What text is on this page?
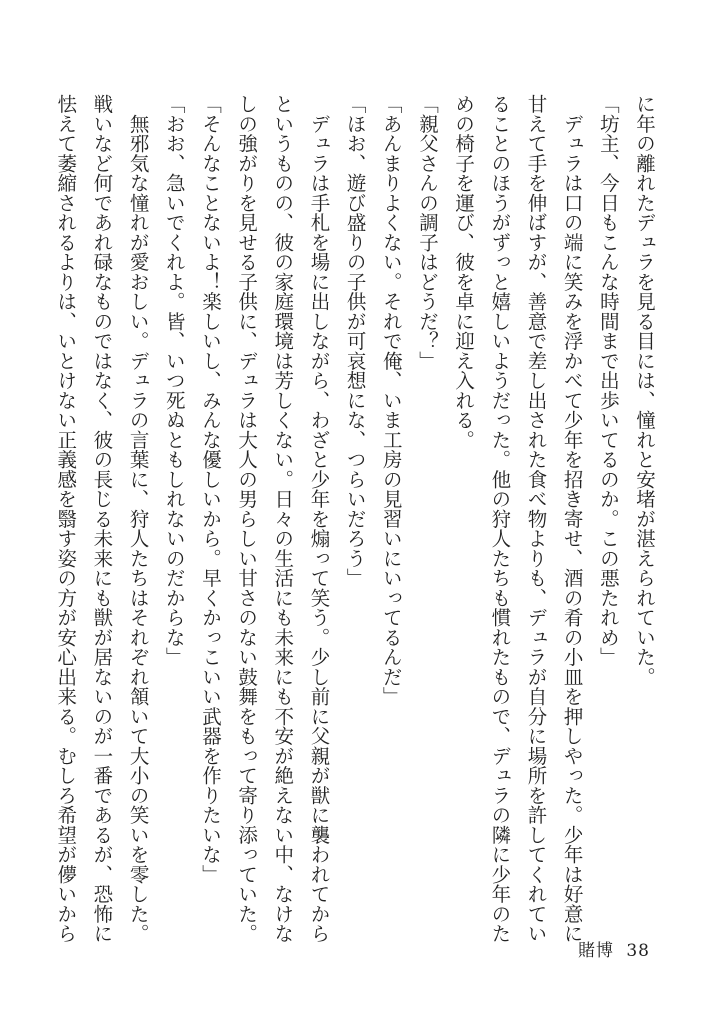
に年の離れたデュラを見る目には、憧れと安堵が湛えられていた。

「坊主、今日もこんな時間まで出歩いてるのか。この悪たれめ」

　デュラは口の端に笑みを浮かべて少年を招き寄せ、酒の肴の小皿を押しやった。少年は好意に

甘えて手を伸ばすが、善意で差し出された食べ物よりも、デュラが自分に場所を許してくれてい

ることのほうがずっと嬉しいようだった。他の狩人たちも慣れたもので、デュラの隣に少年のた

めの椅子を運び、彼を卓に迎え入れる。

「親父さんの調子はどうだ？」

「あんまりよくない。それで俺、いま工房の見習いにいってるんだ」

「ほお、遊び盛りの子供が可哀想にな、つらいだろう」

　デュラは手札を場に出しながら、わざと少年を煽って笑う。少し前に父親が獣に襲われてから

というものの、彼の家庭環境は芳しくない。日々の生活にも未来にも不安が絶えない中、なけな

しの強がりを見せる子供に、デュラは大人の男らしい甘さのない鼓舞をもって寄り添っていた。

「そんなことないよ！楽しいし、みんな優しいから。早くかっこいい武器を作りたいな」

「おお、急いでくれよ。皆、いつ死ぬともしれないのだからな」

　無邪気な憧れが愛おしい。デュラの言葉に、狩人たちはそれぞれ頷いて大小の笑いを零した。

戦いなど何であれ碌なものではなく、彼の長じる未来にも獣が居ないのが一番であるが、恐怖に

怯えて萎縮されるよりは、いとけない正義感を翳す姿の方が安心出来る。むしろ希望が儚いから

賭博 38
